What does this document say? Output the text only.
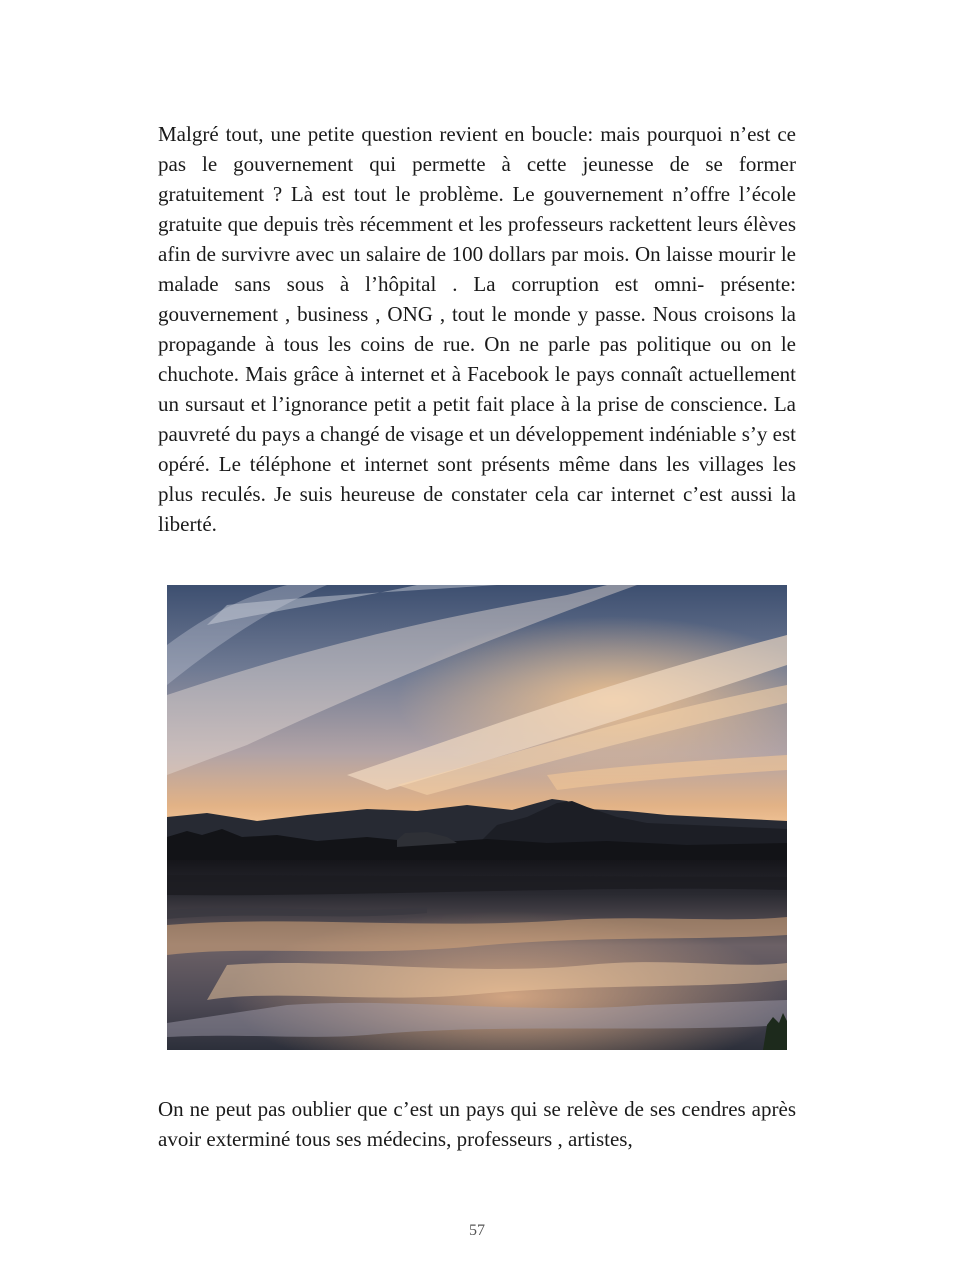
Malgré tout, une petite question revient en boucle: mais pourquoi n’est ce pas le gouvernement qui permette à cette jeunesse de se former gratuitement ? Là est tout le problème. Le gouvernement n’offre l’école gratuite que depuis très récemment et les professeurs rackettent leurs élèves afin de survivre avec un salaire de 100 dollars par mois. On laisse mourir le malade sans sous à l’hôpital . La corruption est omni- présente: gouvernement , business , ONG , tout le monde y passe. Nous croisons la propagande à tous les coins de rue. On ne parle pas politique ou on le chuchote. Mais grâce à internet et à Facebook le pays connaît actuellement un sursaut et l’ignorance petit a petit fait place à la prise de conscience. La pauvreté du pays a changé de visage et un développement indéniable s’y est opéré. Le téléphone et internet sont présents même dans les villages les plus reculés. Je suis heureuse de constater cela car internet c’est aussi la liberté.

On ne peut pas oublier que c’est un pays qui se relève de ses cendres après avoir exterminé tous ses médecins, professeurs , artistes,

57
